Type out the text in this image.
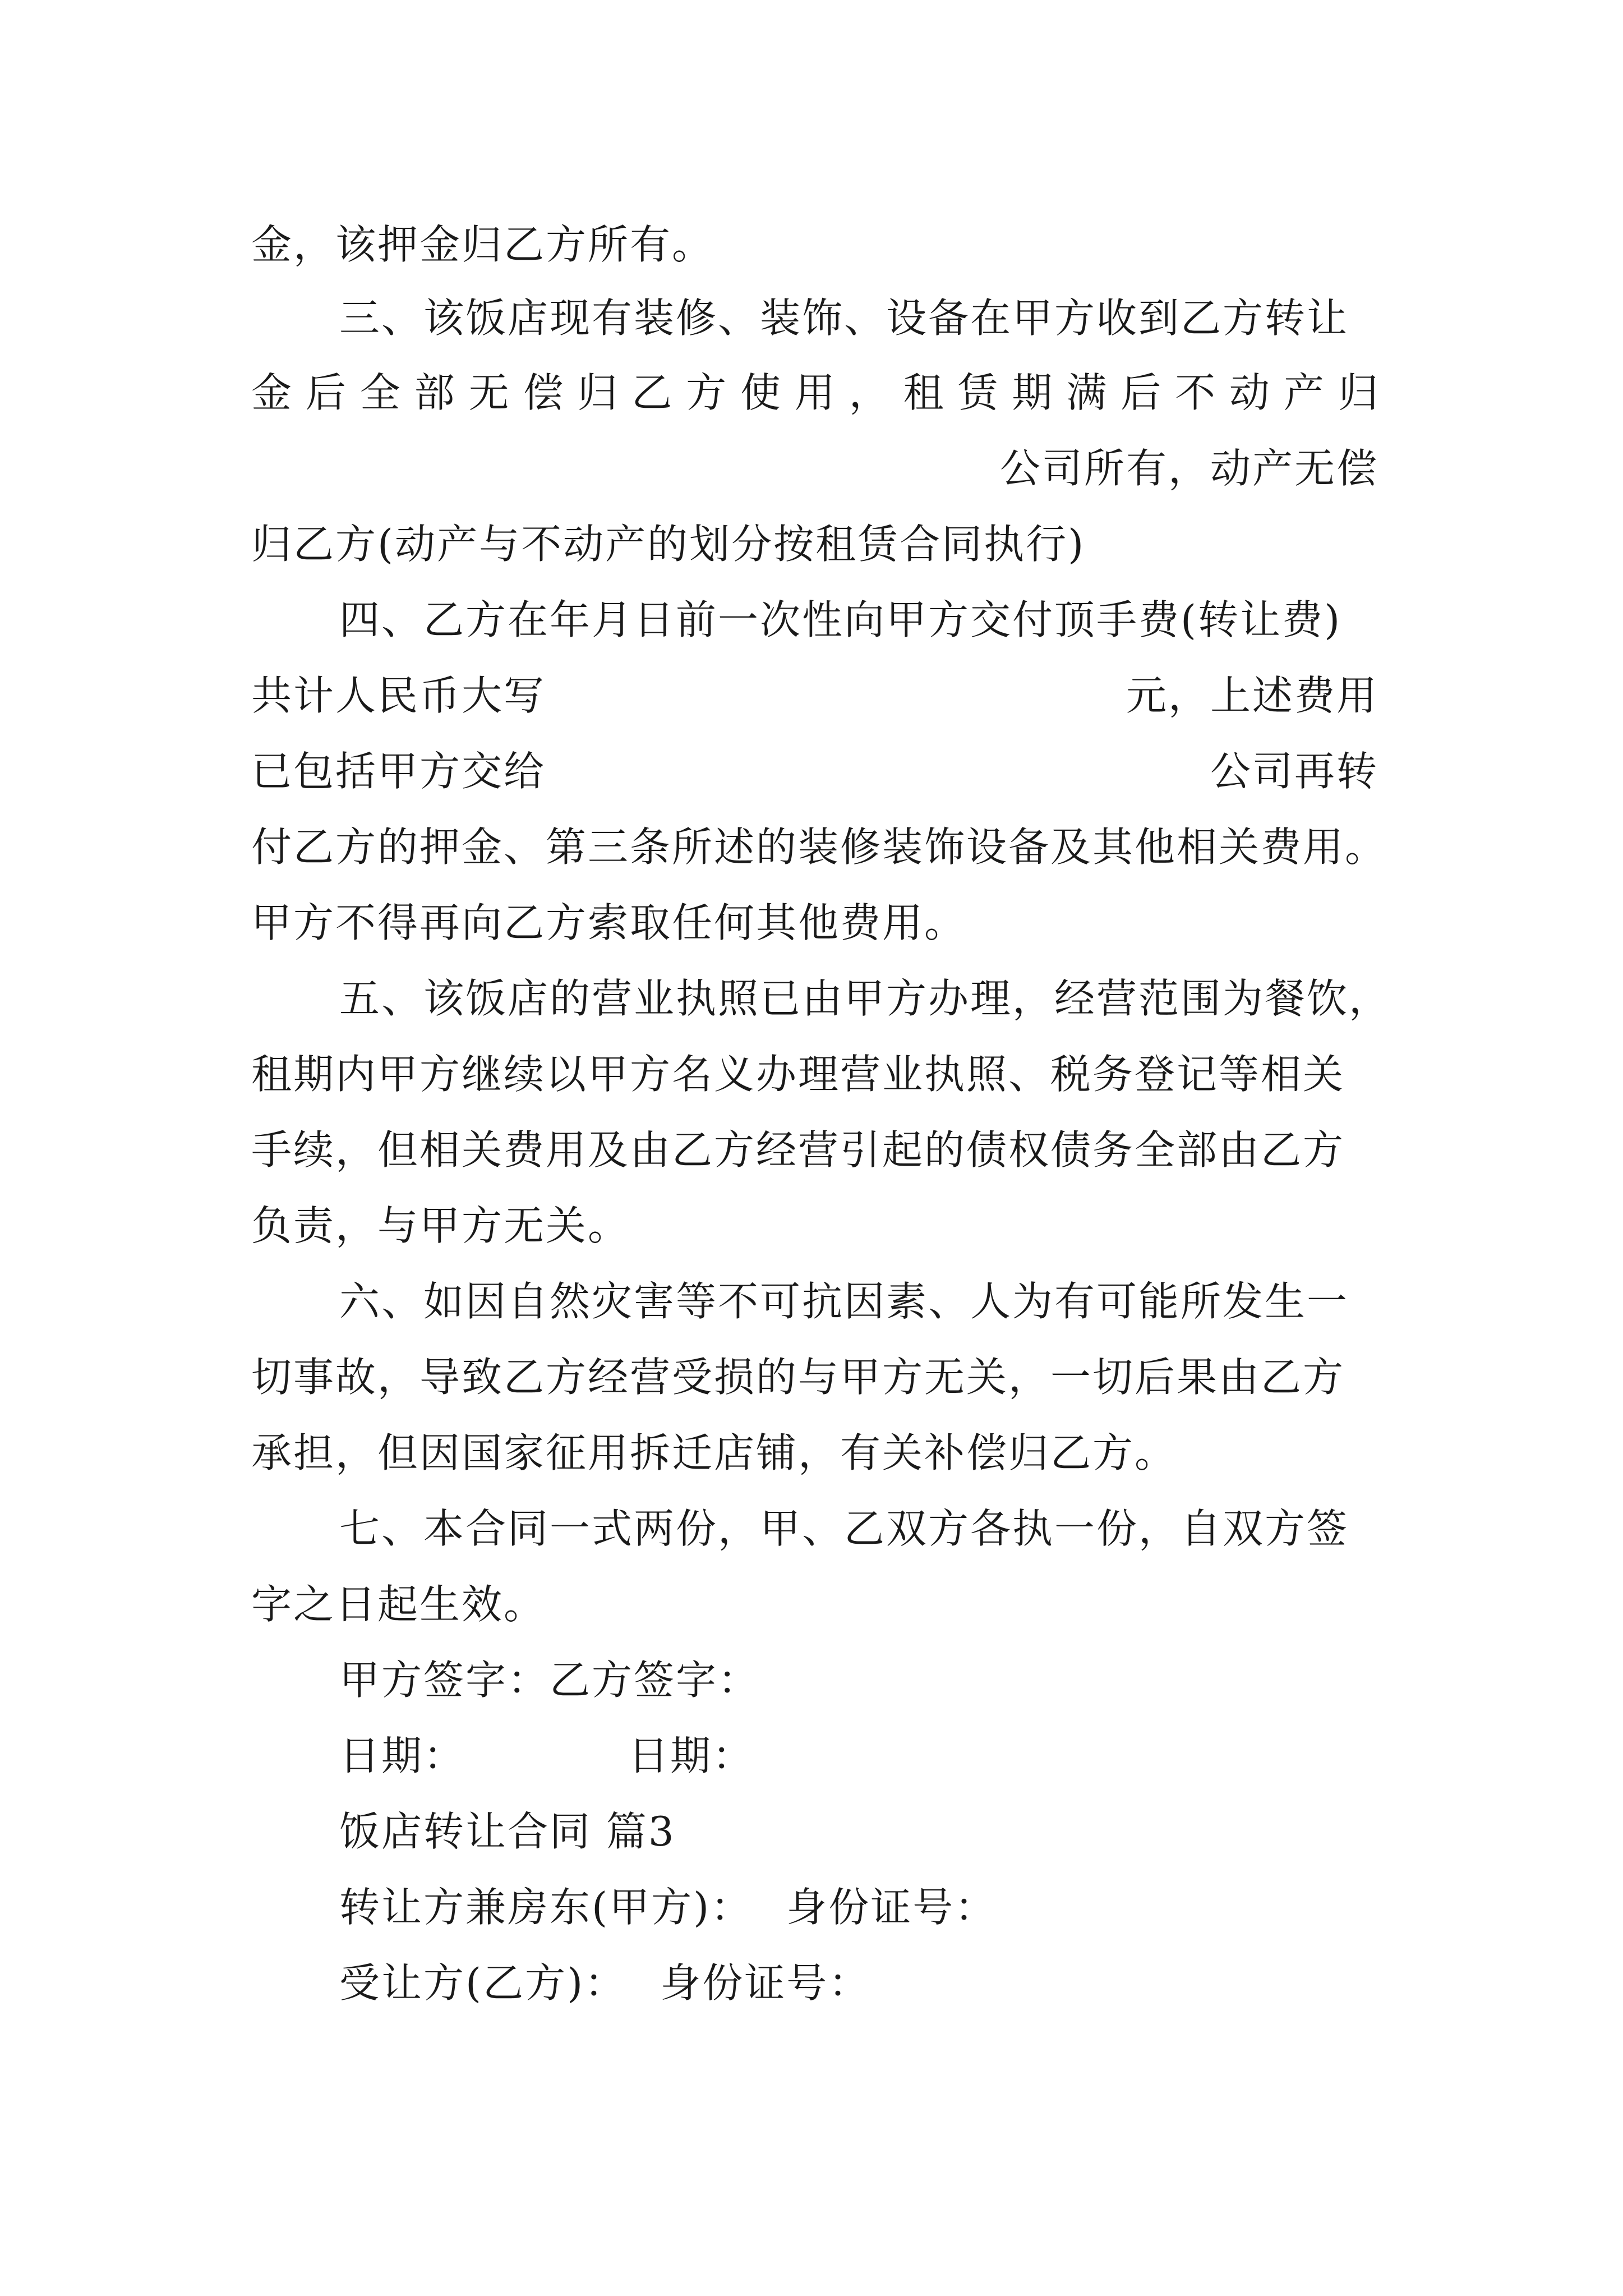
金，该押金归乙方所有。
三、该饭店现有装修、装饰、设备在甲方收到乙方转让
金 后 全 部 无 偿 归 乙 方 使 用 ， 租 赁 期 满 后 不 动 产 归
公司所有，动产无偿
归乙方(动产与不动产的划分按租赁合同执行)
四、乙方在年月日前一次性向甲方交付顶手费(转让费)
共计人民币大写	元，上述费用
已包括甲方交给	公司再转
付乙方的押金、第三条所述的装修装饰设备及其他相关费用。
甲方不得再向乙方索取任何其他费用。
五、该饭店的营业执照已由甲方办理，经营范围为餐饮，
租期内甲方继续以甲方名义办理营业执照、税务登记等相关
手续，但相关费用及由乙方经营引起的债权债务全部由乙方
负责，与甲方无关。
六、如因自然灾害等不可抗因素、人为有可能所发生一
切事故，导致乙方经营受损的与甲方无关，一切后果由乙方
承担，但因国家征用拆迁店铺，有关补偿归乙方。
七、本合同一式两份，甲、乙双方各执一份，自双方签
字之日起生效。
甲方签字：乙方签字：
日期：	日期：
饭店转让合同 篇3
转让方兼房东(甲方)： 身份证号：
受让方(乙方)： 身份证号：
